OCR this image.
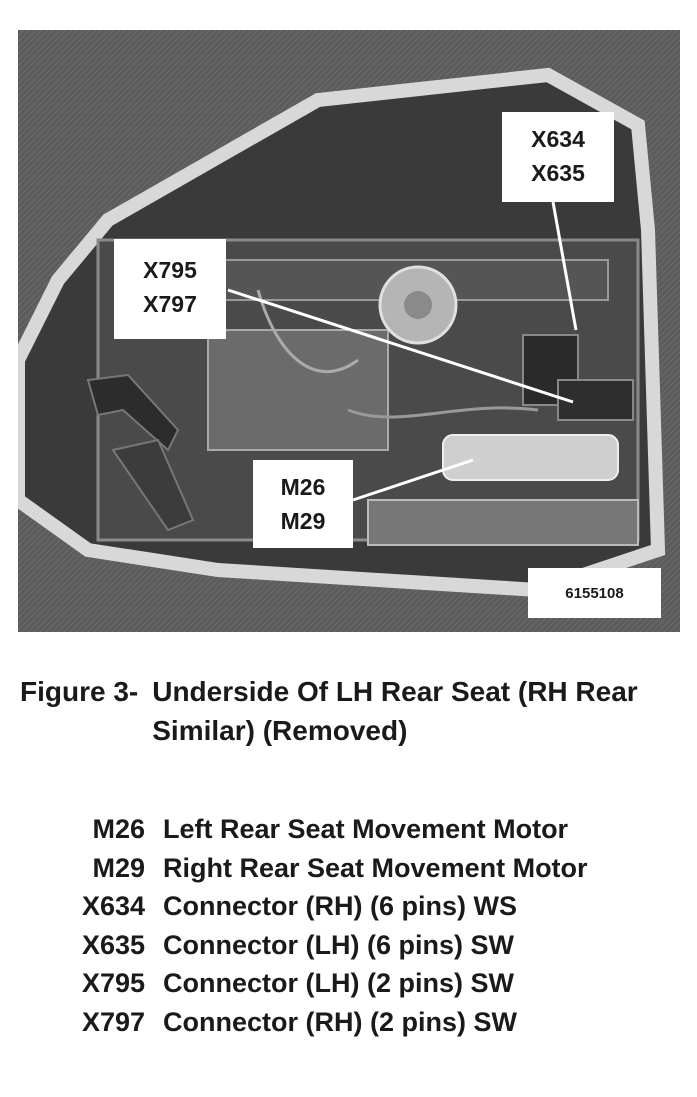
X634
X635
X795
X797
M26
M29
6155108
Figure 3- Underside Of LH Rear Seat (RH Rear Similar) (Removed)
M26 Left Rear Seat Movement Motor
M29 Right Rear Seat Movement Motor
X634 Connector (RH) (6 pins) WS
X635 Connector (LH) (6 pins) SW
X795 Connector (LH) (2 pins) SW
X797 Connector (RH) (2 pins) SW
